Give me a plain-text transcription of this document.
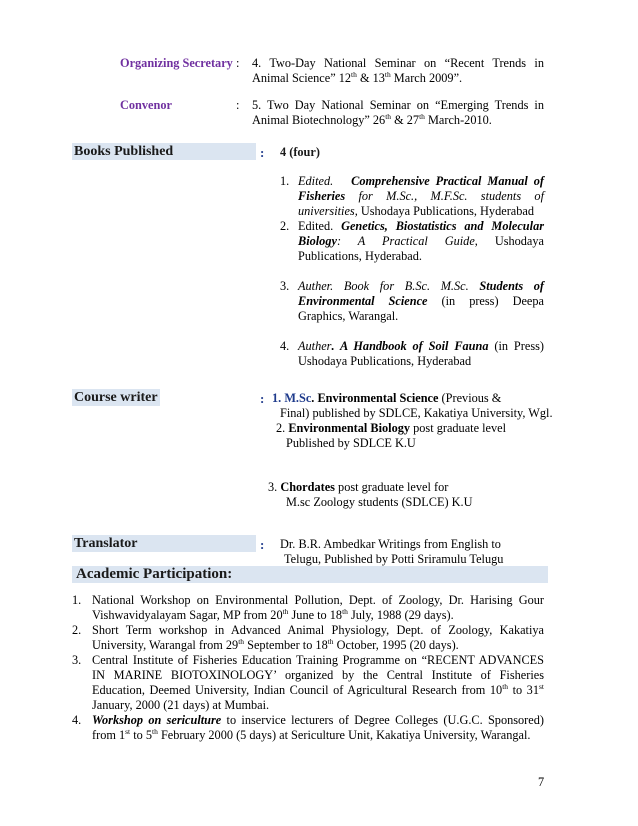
Organizing Secretary : 4. Two-Day National Seminar on “Recent Trends in
Animal Science” 12th & 13th March 2009”.
Convenor	: 5. Two Day National Seminar on “Emerging Trends in
Animal Biotechnology” 26th & 27th March-2010.
Books Published	: 4 (four)
1. Edited. Comprehensive Practical Manual of
Fisheries for M.Sc., M.F.Sc. students of
universities, Ushodaya Publications, Hyderabad
2. Edited. Genetics, Biostatistics and Molecular
Biology: A Practical Guide, Ushodaya
Publications, Hyderabad.
3. Auther. Book for B.Sc. M.Sc. Students of
Environmental Science (in press) Deepa
Graphics, Warangal.
4. Auther. A Handbook of Soil Fauna (in Press)
Ushodaya Publications, Hyderabad
Course writer	: 1. M.Sc. Environmental Science (Previous &
Final) published by SDLCE, Kakatiya University, Wgl.
2. Environmental Biology post graduate level
Published by SDLCE K.U
3. Chordates post graduate level for
M.sc Zoology students (SDLCE) K.U
Translator	: Dr. B.R. Ambedkar Writings from English to
Telugu, Published by Potti Sriramulu Telugu
Academic Participation:
1. National Workshop on Environmental Pollution, Dept. of Zoology, Dr. Harising Gour
Vishwavidyalayam Sagar, MP from 20th June to 18th July, 1988 (29 days).
2. Short Term workshop in Advanced Animal Physiology, Dept. of Zoology, Kakatiya
University, Warangal from 29th September to 18th October, 1995 (20 days).
3. Central Institute of Fisheries Education Training Programme on “RECENT ADVANCES
IN MARINE BIOTOXINOLOGY’ organized by the Central Institute of Fisheries
Education, Deemed University, Indian Council of Agricultural Research from 10th to 31st
January, 2000 (21 days) at Mumbai.
4. Workshop on sericulture to inservice lecturers of Degree Colleges (U.G.C. Sponsored)
from 1st to 5th February 2000 (5 days) at Sericulture Unit, Kakatiya University, Warangal.
7
